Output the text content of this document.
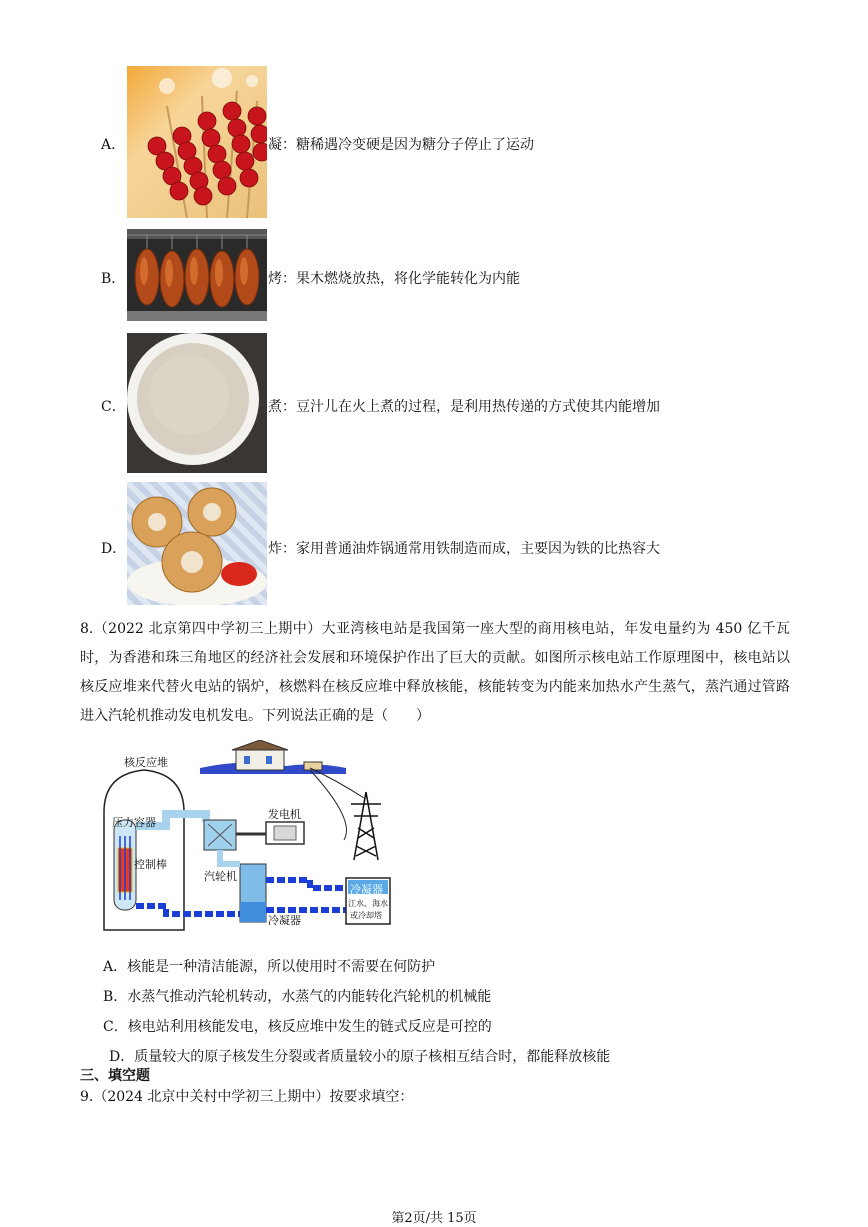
A．	凝：糖稀遇冷变硬是因为糖分子停止了运动
B．	烤：果木燃烧放热，将化学能转化为内能
C．	煮：豆汁儿在火上煮的过程，是利用热传递的方式使其内能增加
D．	炸：家用普通油炸锅通常用铁制造而成，主要因为铁的比热容大
8.（2022 北京第四中学初三上期中）大亚湾核电站是我国第一座大型的商用核电站，年发电量约为 450 亿千瓦时，为香港和珠三角地区的经济社会发展和环境保护作出了巨大的贡献。如图所示核电站工作原理图中，核电站以核反应堆来代替火电站的锅炉，核燃料在核反应堆中释放核能，核能转变为内能来加热水产生蒸气，蒸汽通过管路进入汽轮机推动发电机发电。下列说法正确的是（　　）
核反应堆
压力容器
控制棒
发电机
汽轮机
冷凝器
冷凝器
江水、海水
或冷却塔
A．核能是一种清洁能源，所以使用时不需要在何防护
B．水蒸气推动汽轮机转动，水蒸气的内能转化汽轮机的机械能
C．核电站利用核能发电，核反应堆中发生的链式反应是可控的
D．质量较大的原子核发生分裂或者质量较小的原子核相互结合时，都能释放核能
三、填空题
9.（2024 北京中关村中学初三上期中）按要求填空：
第2页/共 15页
